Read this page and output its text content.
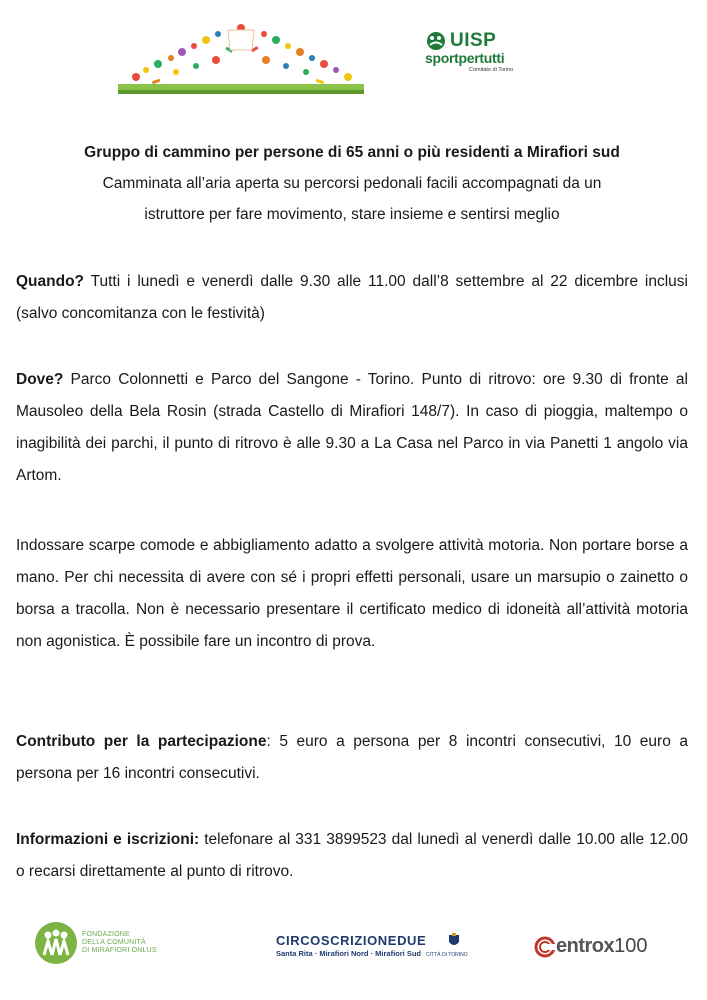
UISP
sportpertutti
Comitato di Torino

Gruppo di cammino per persone di 65 anni o più residenti a Mirafiori sud

Camminata all’aria aperta su percorsi pedonali facili accompagnati da un
istruttore per fare movimento, stare insieme e sentirsi meglio

Quando? Tutti i lunedì e venerdì dalle 9.30 alle 11.00 dall’8 settembre al 22 dicembre inclusi (salvo concomitanza con le festività)

Dove? Parco Colonnetti e Parco del Sangone - Torino. Punto di ritrovo: ore 9.30 di fronte al Mausoleo della Bela Rosin (strada Castello di Mirafiori 148/7). In caso di pioggia, maltempo o inagibilità dei parchi, il punto di ritrovo è alle 9.30 a La Casa nel Parco in via Panetti 1 angolo via Artom.

Indossare scarpe comode e abbigliamento adatto a svolgere attività motoria. Non portare borse a mano. Per chi necessita di avere con sé i propri effetti personali, usare un marsupio o zainetto o borsa a tracolla. Non è necessario presentare il certificato medico di idoneità all’attività motoria non agonistica. È possibile fare un incontro di prova.

Contributo per la partecipazione: 5 euro a persona per 8 incontri consecutivi, 10 euro a persona per 16 incontri consecutivi.

Informazioni e iscrizioni: telefonare al 331 3899523 dal lunedì al venerdì dalle 10.00 alle 12.00 o recarsi direttamente al punto di ritrovo.

FONDAZIONE
DELLA COMUNITÀ
DI MIRAFIORI ONLUS
CIRCOSCRIZIONEDUE
Santa Rita · Mirafiori Nord · Mirafiori Sud CITTÀ DI TORINO	entrox 100
